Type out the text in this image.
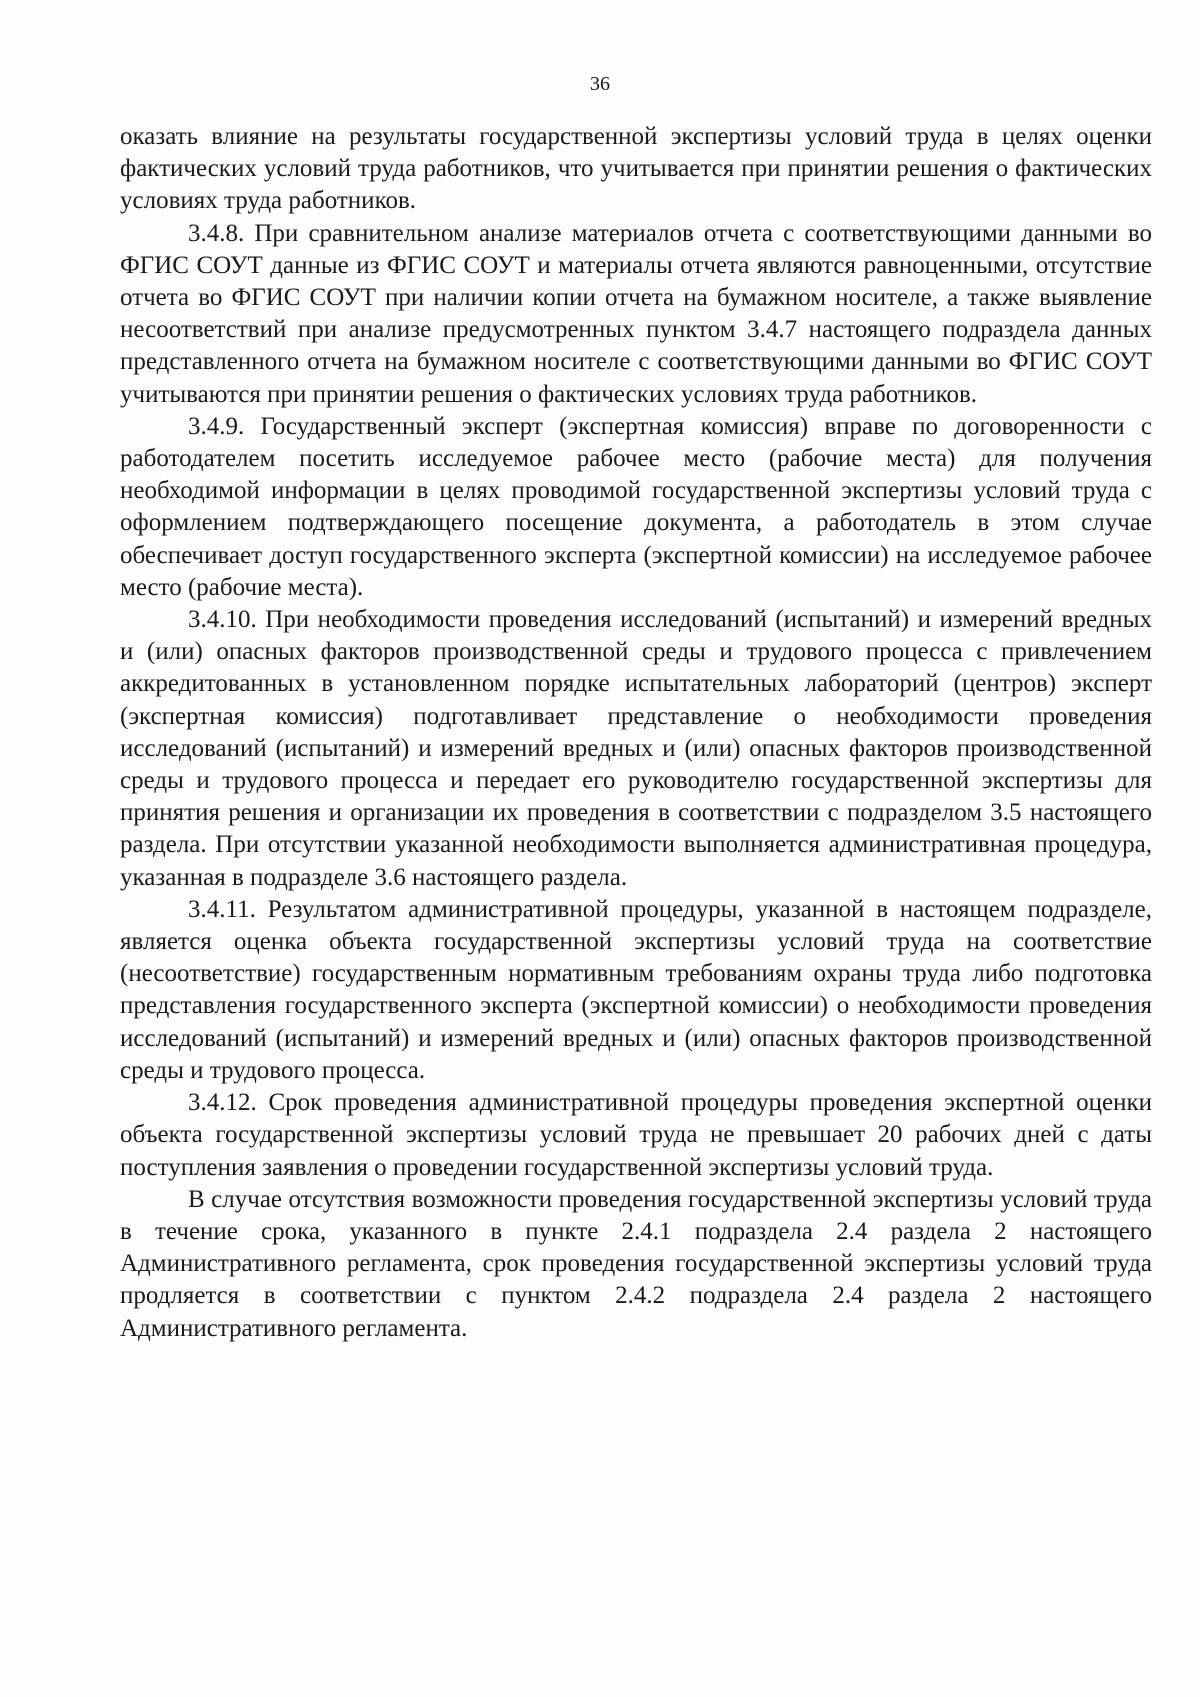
36

оказать влияние на результаты государственной экспертизы условий труда в целях оценки фактических условий труда работников, что учитывается при принятии решения о фактических условиях труда работников.

3.4.8. При сравнительном анализе материалов отчета с соответствующими данными во ФГИС СОУТ данные из ФГИС СОУТ и материалы отчета являются равноценными, отсутствие отчета во ФГИС СОУТ при наличии копии отчета на бумажном носителе, а также выявление несоответствий при анализе предусмотренных пунктом 3.4.7 настоящего подраздела данных представленного отчета на бумажном носителе с соответствующими данными во ФГИС СОУТ учитываются при принятии решения о фактических условиях труда работников.

3.4.9. Государственный эксперт (экспертная комиссия) вправе по договоренности с работодателем посетить исследуемое рабочее место (рабочие места) для получения необходимой информации в целях проводимой государственной экспертизы условий труда с оформлением подтверждающего посещение документа, а работодатель в этом случае обеспечивает доступ государственного эксперта (экспертной комиссии) на исследуемое рабочее место (рабочие места).

3.4.10. При необходимости проведения исследований (испытаний) и измерений вредных и (или) опасных факторов производственной среды и трудового процесса с привлечением аккредитованных в установленном порядке испытательных лабораторий (центров) эксперт (экспертная комиссия) подготавливает представление о необходимости проведения исследований (испытаний) и измерений вредных и (или) опасных факторов производственной среды и трудового процесса и передает его руководителю государственной экспертизы для принятия решения и организации их проведения в соответствии с подразделом 3.5 настоящего раздела. При отсутствии указанной необходимости выполняется административная процедура, указанная в подразделе 3.6 настоящего раздела.

3.4.11. Результатом административной процедуры, указанной в настоящем подразделе, является оценка объекта государственной экспертизы условий труда на соответствие (несоответствие) государственным нормативным требованиям охраны труда либо подготовка представления государственного эксперта (экспертной комиссии) о необходимости проведения исследований (испытаний) и измерений вредных и (или) опасных факторов производственной среды и трудового процесса.

3.4.12. Срок проведения административной процедуры проведения экспертной оценки объекта государственной экспертизы условий труда не превышает 20 рабочих дней с даты поступления заявления о проведении государственной экспертизы условий труда.

В случае отсутствия возможности проведения государственной экспертизы условий труда в течение срока, указанного в пункте 2.4.1 подраздела 2.4 раздела 2 настоящего Административного регламента, срок проведения государственной экспертизы условий труда продляется в соответствии с пунктом 2.4.2 подраздела 2.4 раздела 2 настоящего Административного регламента.
